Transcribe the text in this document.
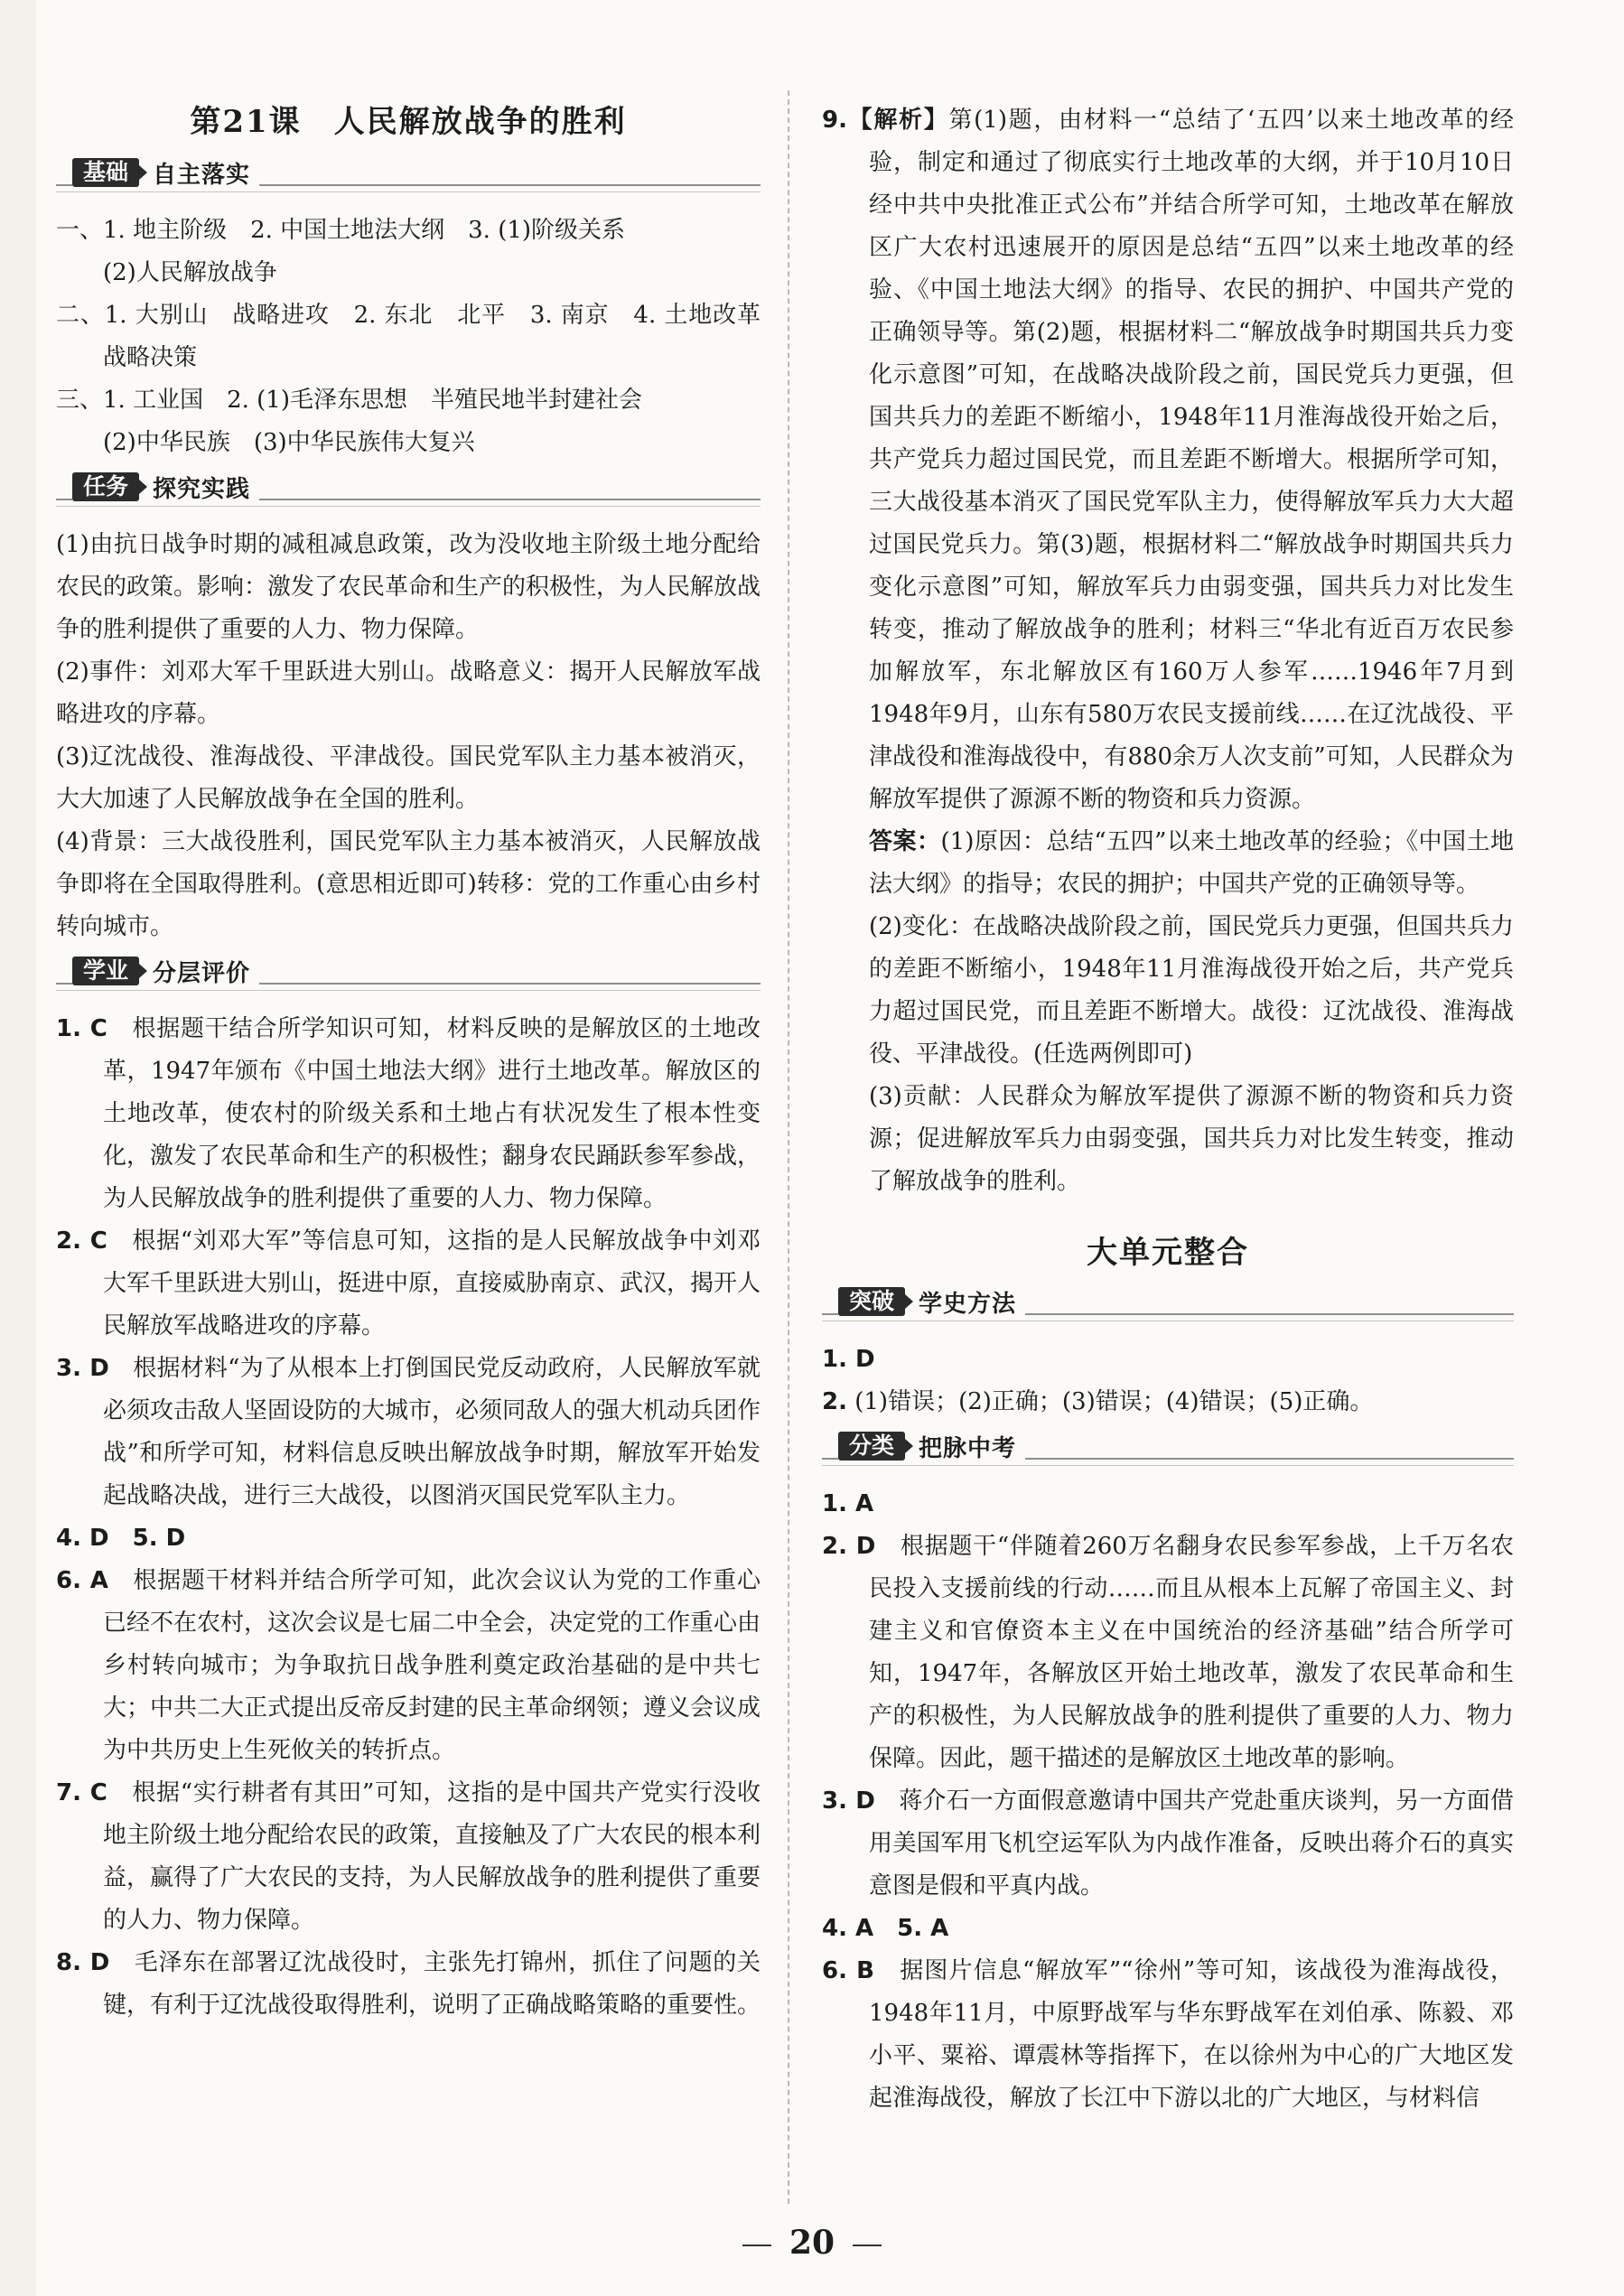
第21课　人民解放战争的胜利
基础	自主落实

一、1. 地主阶级　2. 中国土地法大纲　3. (1)阶级关系

(2)人民解放战争

二、1. 大别山　战略进攻　2. 东北　北平　3. 南京　4. 土地改革　战略决策

三、1. 工业国　2. (1)毛泽东思想　半殖民地半封建社会

(2)中华民族　(3)中华民族伟大复兴

任务	探究实践

(1)由抗日战争时期的减租减息政策，改为没收地主阶级土地分配给农民的政策。影响：激发了农民革命和生产的积极性，为人民解放战争的胜利提供了重要的人力、物力保障。

(2)事件：刘邓大军千里跃进大别山。战略意义：揭开人民解放军战略进攻的序幕。

(3)辽沈战役、淮海战役、平津战役。国民党军队主力基本被消灭，大大加速了人民解放战争在全国的胜利。

(4)背景：三大战役胜利，国民党军队主力基本被消灭，人民解放战争即将在全国取得胜利。(意思相近即可)转移：党的工作重心由乡村转向城市。

学业	分层评价

1. C　 根据题干结合所学知识可知，材料反映的是解放区的土地改革，1947年颁布《中国土地法大纲》进行土地改革。解放区的土地改革，使农村的阶级关系和土地占有状况发生了根本性变化，激发了农民革命和生产的积极性；翻身农民踊跃参军参战，为人民解放战争的胜利提供了重要的人力、物力保障。

2. C　 根据“刘邓大军”等信息可知，这指的是人民解放战争中刘邓大军千里跃进大别山，挺进中原，直接威胁南京、武汉，揭开人民解放军战略进攻的序幕。

3. D　 根据材料“为了从根本上打倒国民党反动政府，人民解放军就必须攻击敌人坚固设防的大城市，必须同敌人的强大机动兵团作战”和所学可知，材料信息反映出解放战争时期，解放军开始发起战略决战，进行三大战役，以图消灭国民党军队主力。

4. D　5. D

6. A　 根据题干材料并结合所学可知，此次会议认为党的工作重心已经不在农村，这次会议是七届二中全会，决定党的工作重心由乡村转向城市；为争取抗日战争胜利奠定政治基础的是中共七大；中共二大正式提出反帝反封建的民主革命纲领；遵义会议成为中共历史上生死攸关的转折点。

7. C　 根据“实行耕者有其田”可知，这指的是中国共产党实行没收地主阶级土地分配给农民的政策，直接触及了广大农民的根本利益，赢得了广大农民的支持，为人民解放战争的胜利提供了重要的人力、物力保障。

8. D　 毛泽东在部署辽沈战役时，主张先打锦州，抓住了问题的关键，有利于辽沈战役取得胜利，说明了正确战略策略的重要性。

9.【解析】第(1)题，由材料一“总结了‘五四’以来土地改革的经验，制定和通过了彻底实行土地改革的大纲，并于10月10日经中共中央批准正式公布”并结合所学可知，土地改革在解放区广大农村迅速展开的原因是总结“五四”以来土地改革的经验、《中国土地法大纲》的指导、农民的拥护、中国共产党的正确领导等。第(2)题，根据材料二“解放战争时期国共兵力变化示意图”可知，在战略决战阶段之前，国民党兵力更强，但国共兵力的差距不断缩小，1948年11月淮海战役开始之后，共产党兵力超过国民党，而且差距不断增大。根据所学可知，三大战役基本消灭了国民党军队主力，使得解放军兵力大大超过国民党兵力。第(3)题，根据材料二“解放战争时期国共兵力变化示意图”可知，解放军兵力由弱变强，国共兵力对比发生转变，推动了解放战争的胜利；材料三“华北有近百万农民参加解放军，东北解放区有160万人参军……1946年7月到1948年9月，山东有580万农民支援前线……在辽沈战役、平津战役和淮海战役中，有880余万人次支前”可知，人民群众为解放军提供了源源不断的物资和兵力资源。

答案：(1)原因：总结“五四”以来土地改革的经验；《中国土地法大纲》的指导；农民的拥护；中国共产党的正确领导等。

(2)变化：在战略决战阶段之前，国民党兵力更强，但国共兵力的差距不断缩小，1948年11月淮海战役开始之后，共产党兵力超过国民党，而且差距不断增大。战役：辽沈战役、淮海战役、平津战役。(任选两例即可)

(3)贡献：人民群众为解放军提供了源源不断的物资和兵力资源；促进解放军兵力由弱变强，国共兵力对比发生转变，推动了解放战争的胜利。

大单元整合
突破	学史方法

1. D

2. (1)错误；(2)正确；(3)错误；(4)错误；(5)正确。

分类	把脉中考

1. A

2. D　 根据题干“伴随着260万名翻身农民参军参战，上千万名农民投入支援前线的行动……而且从根本上瓦解了帝国主义、封建主义和官僚资本主义在中国统治的经济基础”结合所学可知，1947年，各解放区开始土地改革，激发了农民革命和生产的积极性，为人民解放战争的胜利提供了重要的人力、物力保障。因此，题干描述的是解放区土地改革的影响。

3. D　 蒋介石一方面假意邀请中国共产党赴重庆谈判，另一方面借用美国军用飞机空运军队为内战作准备，反映出蒋介石的真实意图是假和平真内战。

4. A　5. A

6. B　 据图片信息“解放军”“徐州”等可知，该战役为淮海战役，1948年11月，中原野战军与华东野战军在刘伯承、陈毅、邓小平、粟裕、谭震林等指挥下，在以徐州为中心的广大地区发起淮海战役，解放了长江中下游以北的广大地区，与材料信

20
